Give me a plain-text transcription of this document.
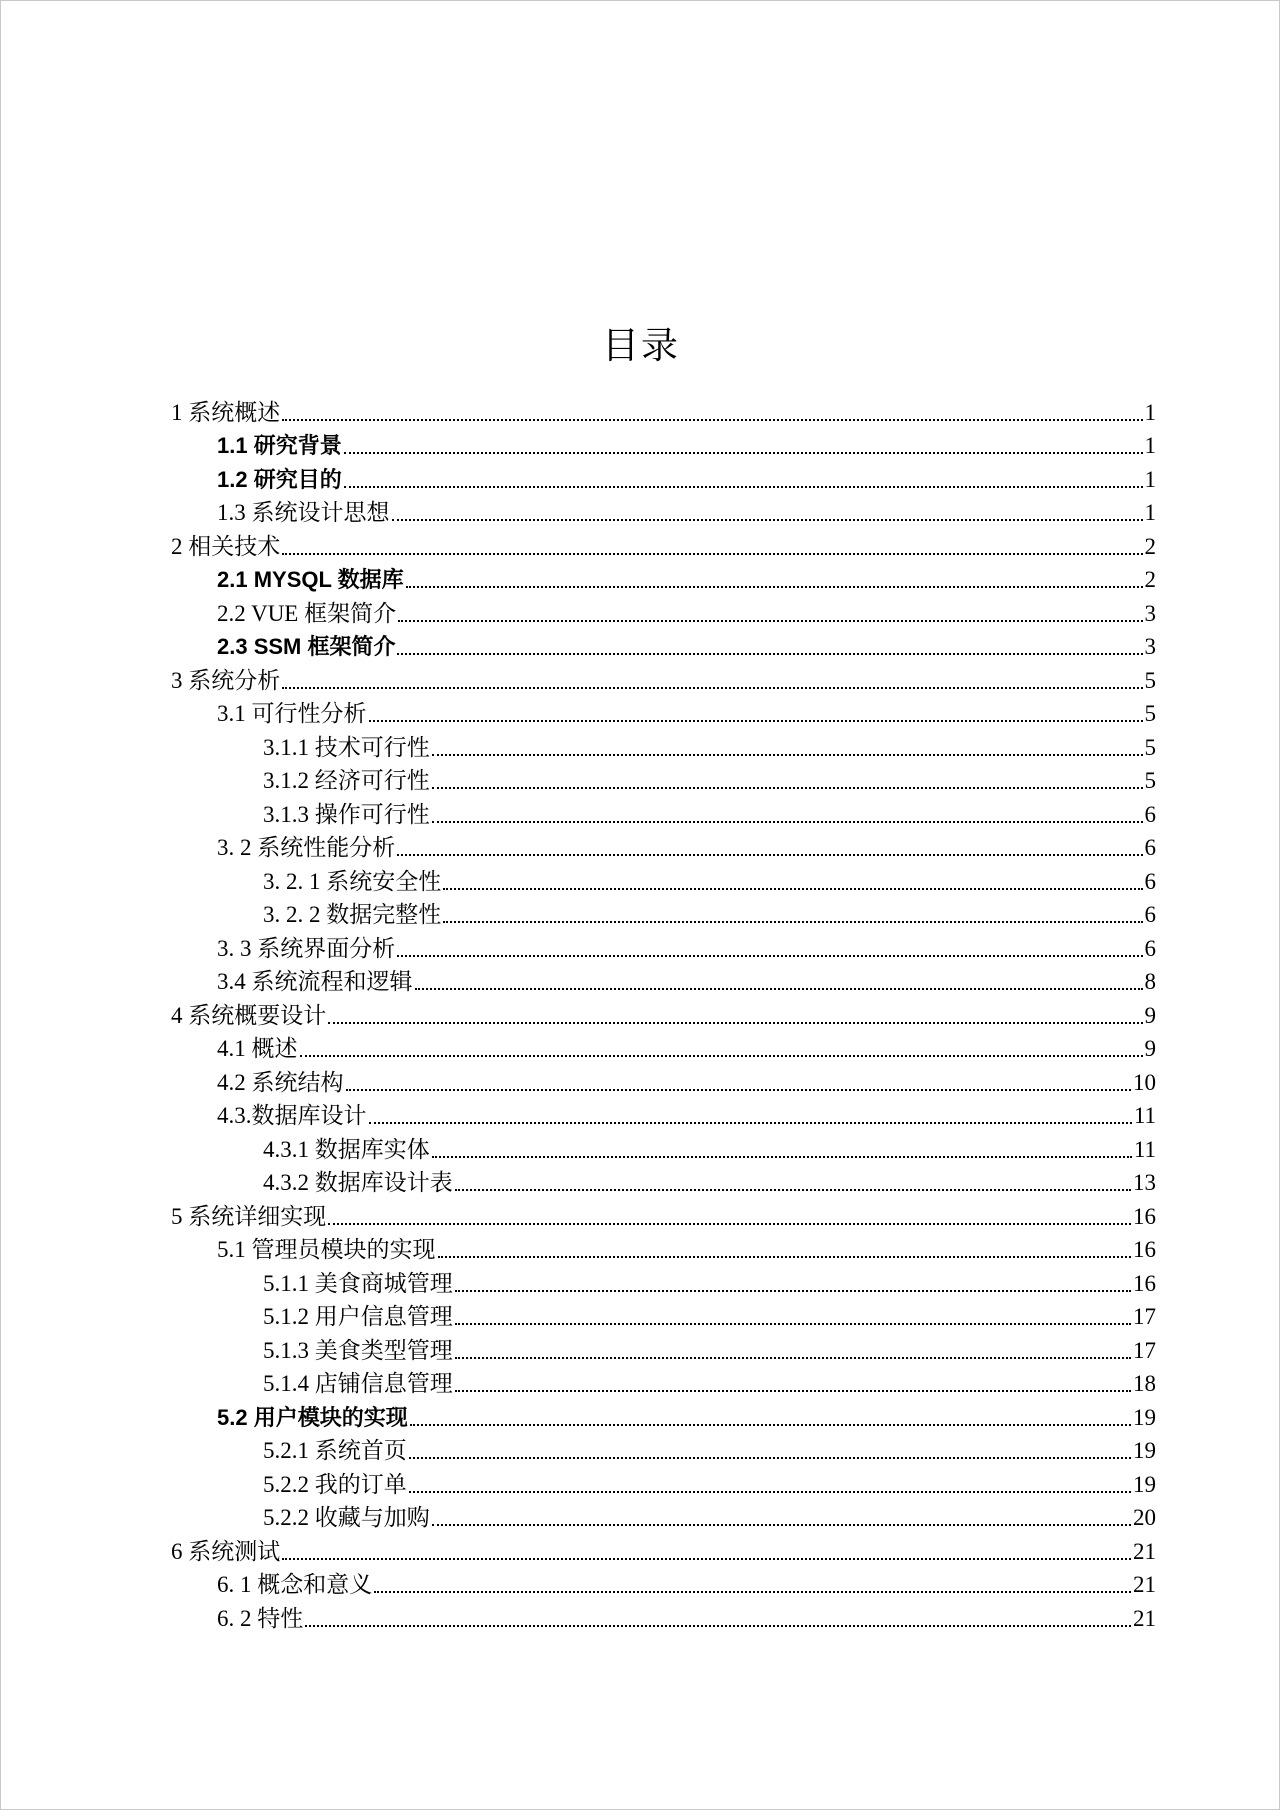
目录
1 系统概述	1
1.1 研究背景	1
1.2 研究目的	1
1.3 系统设计思想	1
2 相关技术	2
2.1 MYSQL 数据库	2
2.2 VUE 框架简介	3
2.3 SSM 框架简介	3
3 系统分析	5
3.1 可行性分析	5
3.1.1 技术可行性	5
3.1.2 经济可行性	5
3.1.3 操作可行性	6
3. 2 系统性能分析	6
3. 2. 1 系统安全性	6
3. 2. 2 数据完整性	6
3. 3 系统界面分析	6
3.4 系统流程和逻辑	8
4 系统概要设计	9
4.1 概述	9
4.2 系统结构	10
4.3.数据库设计	11
4.3.1 数据库实体	11
4.3.2 数据库设计表	13
5 系统详细实现	16
5.1 管理员模块的实现	16
5.1.1 美食商城管理	16
5.1.2 用户信息管理	17
5.1.3 美食类型管理	17
5.1.4 店铺信息管理	18
5.2 用户模块的实现	19
5.2.1 系统首页	19
5.2.2 我的订单	19
5.2.2 收藏与加购	20
6 系统测试	21
6. 1 概念和意义	21
6. 2 特性	21
